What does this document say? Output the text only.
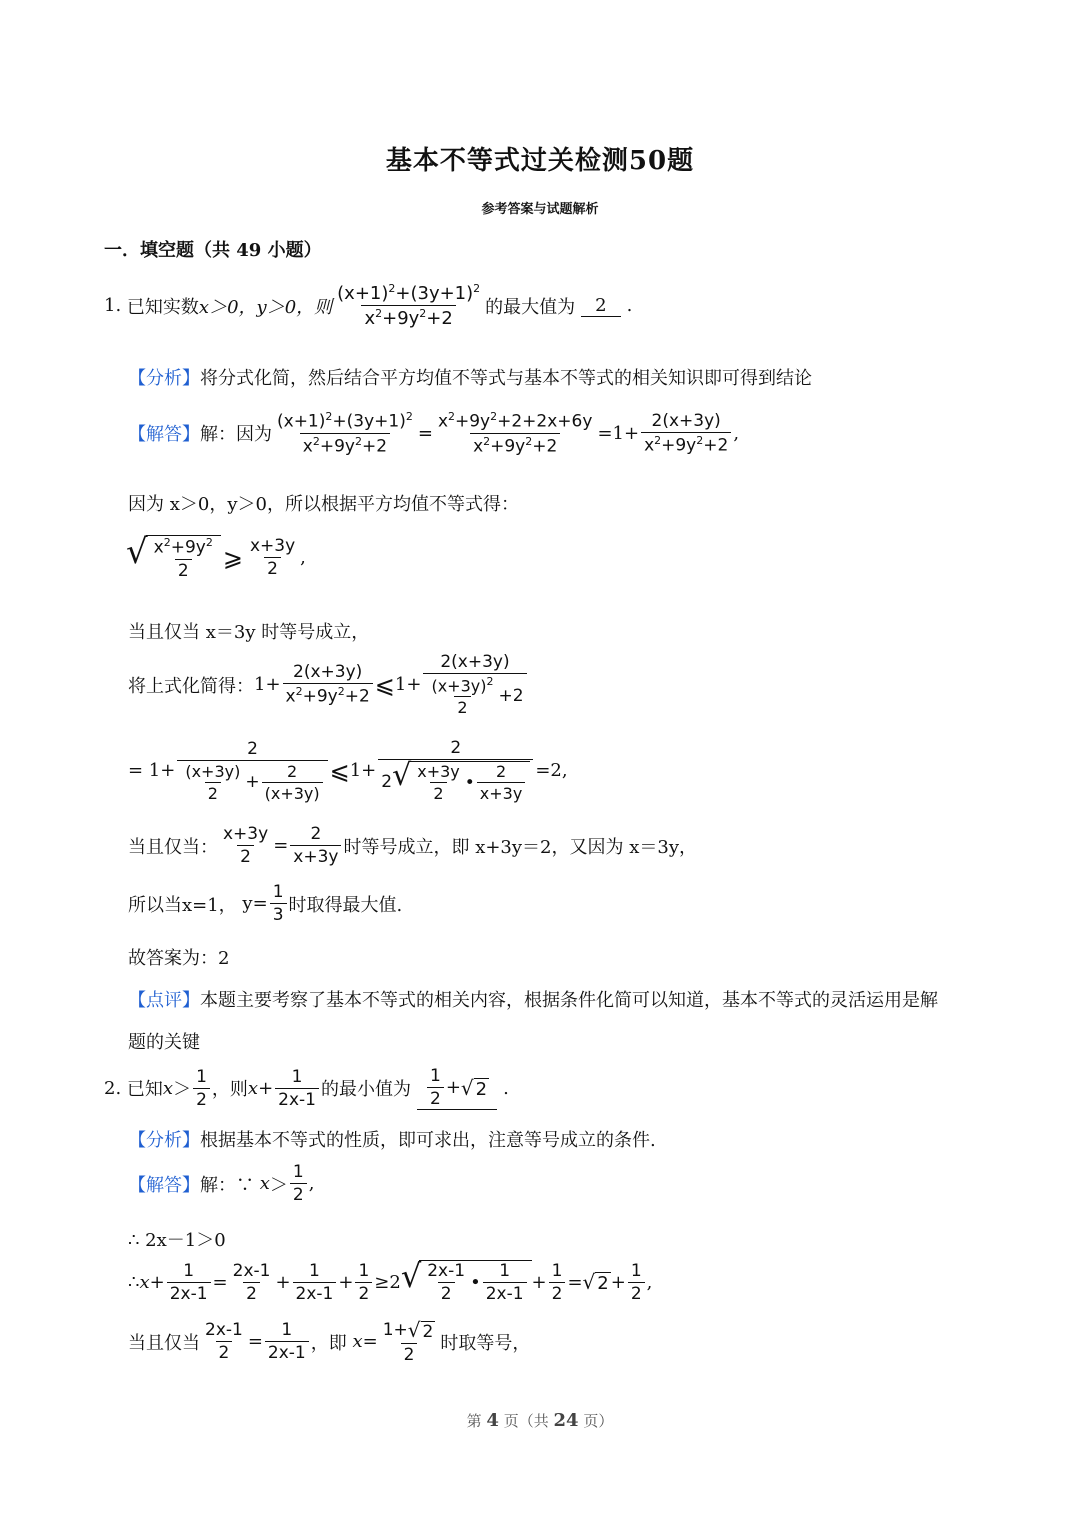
基本不等式过关检测50题
参考答案与试题解析
一．填空题（共 49 小题）
1.
已知实数 x＞0，y＞0，则
$(x+1)^2+(3y+1)^2$
$x^2+9y^2+2$
的最大值为	2	.
【分析】 将分式化简，然后结合平方均值不等式与基本不等式的相关知识即可得到结论
【解答】 解：因为 $\frac{(x+1)^2+(3y+1)^2}{x^2+9y^2+2} = \frac{x^2+9y^2+2+2x+6y}{x^2+9y^2+2} =1+ \frac{2(x+3y)}{x^2+9y^2+2}$ ,
因为 x＞0，y＞0，所以根据平方均值不等式得：
√ $x^2+9y^2$
2 ⩾ x+3y
2
,
当且仅当 x＝3y 时等号成立，
将上式化简得： $1+ \frac{2(x+3y)}{x^2+9y^2+2}$ ⩽ 1+ 2(x+3y)
$(x+3y)^2$
2
+2
= 1+ 2
(x+3y)
2
+
2
(x+3y) ⩽ 1+ 2
2 √ x+3y
2
•
2
x+3y =2,
当且仅当： $\frac{x+3y}{2} = \frac{2}{x+3y}$ 时等号成立，即 x+3y＝2，又因为 x＝3y，
所以当x=1，
$y= \frac{1}{3}$ 时取得最大值.
故答案为：2
【点评】 本题主要考察了基本不等式的相关内容，根据条件化简可以知道，基本不等式的灵活运用是解
题的关键
2.
已知 x ＞
1
2 ，则 $x + \frac{1}{2x-1}$ 的最小值为
1
2
+ √ 2 .
【分析】 根据基本不等式的性质，即可求出，注意等号成立的条件.
【解答】 解：∵
x ＞
1
2
,
∴ 2x－1＞0
∴ $x + \frac{1}{2x-1} = \frac{2x-1}{2} + \frac{1}{2x-1} + \frac{1}{2} \ge 2$ √ 2x-1
2
•
1
2x-1
+ $\frac{1}{2}$ = √ $2 + \frac{1}{2}$ ,
当且仅当 $\frac{2x-1}{2} = \frac{1}{2x-1}$ ，即
$x = \frac{1+ √ 2}{2}$ 时取等号，
第 4 页（共 24 页）
